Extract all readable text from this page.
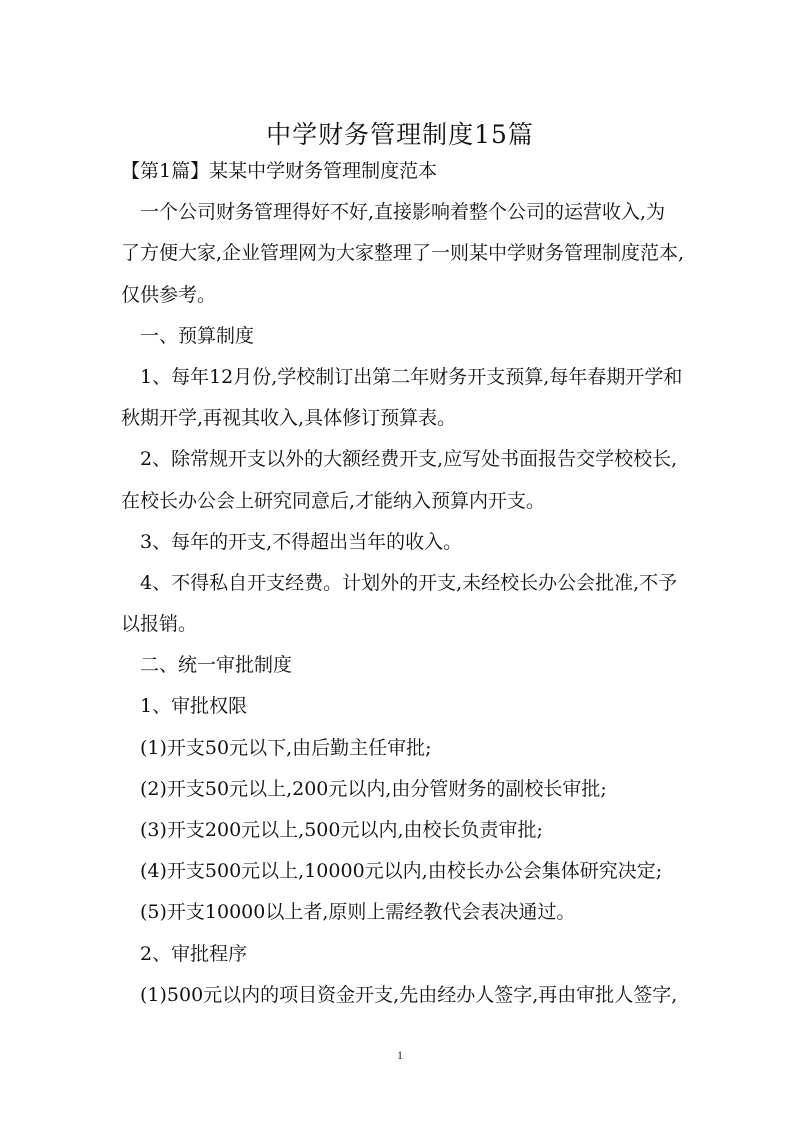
中学财务管理制度15篇
【第1篇】某某中学财务管理制度范本
一个公司财务管理得好不好,直接影响着整个公司的运营收入,为
了方便大家,企业管理网为大家整理了一则某中学财务管理制度范本,
仅供参考。
一、预算制度
1、每年12月份,学校制订出第二年财务开支预算,每年春期开学和
秋期开学,再视其收入,具体修订预算表。
2、除常规开支以外的大额经费开支,应写处书面报告交学校校长,
在校长办公会上研究同意后,才能纳入预算内开支。
3、每年的开支,不得超出当年的收入。
4、不得私自开支经费。计划外的开支,未经校长办公会批准,不予
以报销。
二、统一审批制度
1、审批权限
(1)开支50元以下,由后勤主任审批;
(2)开支50元以上,200元以内,由分管财务的副校长审批;
(3)开支200元以上,500元以内,由校长负责审批;
(4)开支500元以上,10000元以内,由校长办公会集体研究决定;
(5)开支10000以上者,原则上需经教代会表决通过。
2、审批程序
(1)500元以内的项目资金开支,先由经办人签字,再由审批人签字,
1
